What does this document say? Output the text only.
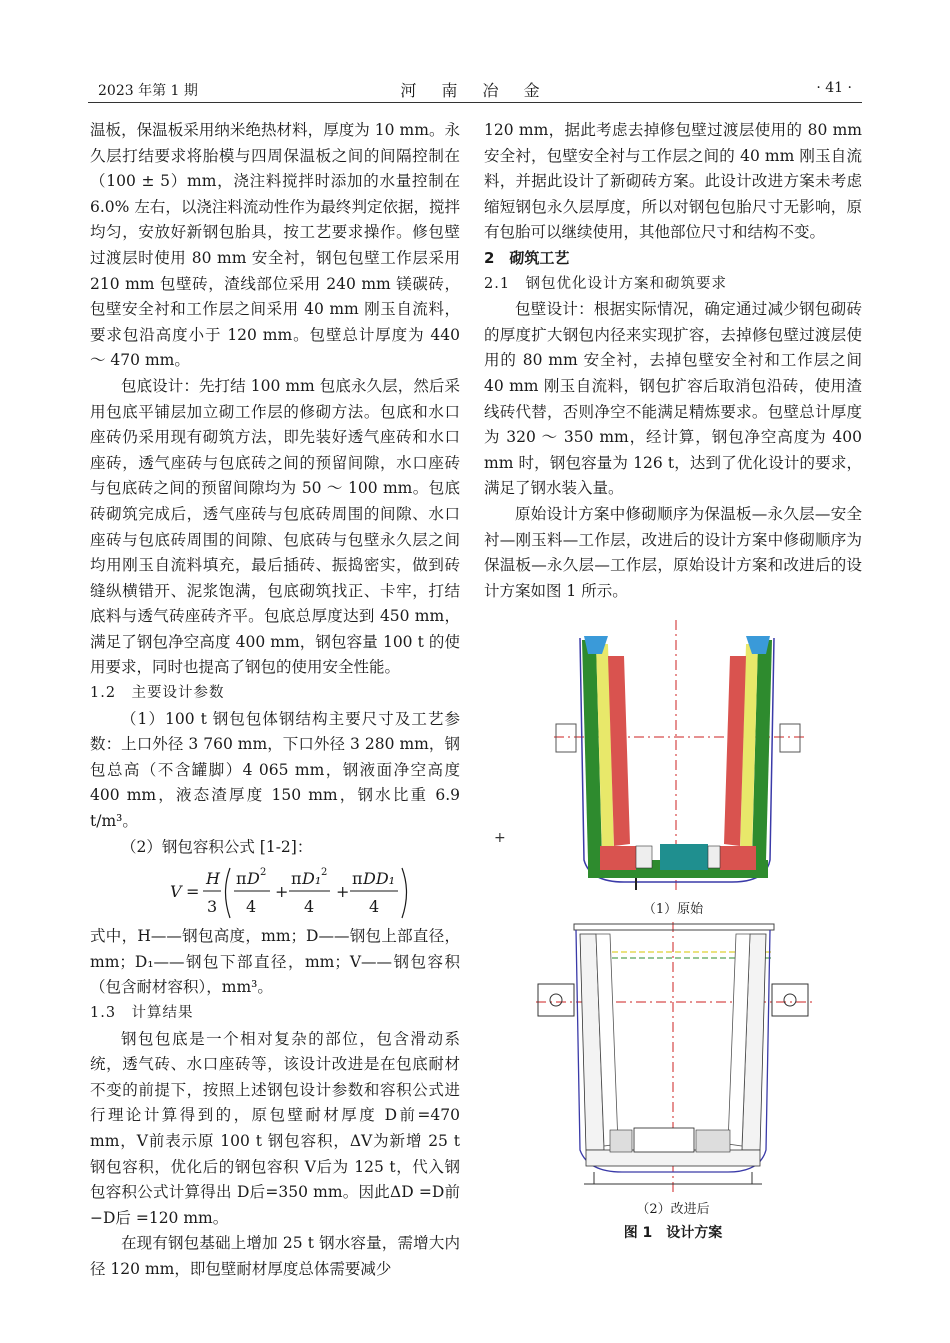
2023 年第 1 期	河 南 冶 金	· 41 ·

温板，保温板采用纳米绝热材料，厚度为 10 mm。永久层打结要求将胎模与四周保温板之间的间隔控制在（100 ± 5）mm，浇注料搅拌时添加的水量控制在 6.0% 左右，以浇注料流动性作为最终判定依据，搅拌均匀，安放好新钢包胎具，按工艺要求操作。修包壁过渡层时使用 80 mm 安全衬，钢包包壁工作层采用 210 mm 包壁砖，渣线部位采用 240 mm 镁碳砖，包壁安全衬和工作层之间采用 40 mm 刚玉自流料，要求包沿高度小于 120 mm。包壁总计厚度为 440 ～ 470 mm。

包底设计：先打结 100 mm 包底永久层，然后采用包底平铺层加立砌工作层的修砌方法。包底和水口座砖仍采用现有砌筑方法，即先装好透气座砖和水口座砖，透气座砖与包底砖之间的预留间隙，水口座砖与包底砖之间的预留间隙均为 50 ～ 100 mm。包底砖砌筑完成后，透气座砖与包底砖周围的间隙、水口座砖与包底砖周围的间隙、包底砖与包壁永久层之间均用刚玉自流料填充，最后插砖、振捣密实，做到砖缝纵横错开、泥浆饱满，包底砌筑找正、卡牢，打结底料与透气砖座砖齐平。包底总厚度达到 450 mm，满足了钢包净空高度 400 mm，钢包容量 100 t 的使用要求，同时也提高了钢包的使用安全性能。

1.2　主要设计参数

（1）100 t 钢包包体钢结构主要尺寸及工艺参数：上口外径 3 760 mm，下口外径 3 280 mm，钢包总高（不含罐脚）4 065 mm，钢液面净空高度 400 mm，液态渣厚度 150 mm，钢水比重 6.9 t/m³。

（2）钢包容积公式 [1-2]：

V =
H
3
π D 2
4
+
π D₁ 2
4
+
π DD₁
4

式中，H——钢包高度，mm；D——钢包上部直径，mm；D₁——钢包下部直径，mm；V——钢包容积（包含耐材容积），mm³。

1.3　计算结果

钢包包底是一个相对复杂的部位，包含滑动系统，透气砖、水口座砖等，该设计改进是在包底耐材不变的前提下，按照上述钢包设计参数和容积公式进行理论计算得到的，原包壁耐材厚度 D前=470 mm，V前表示原 100 t 钢包容积，ΔV为新增 25 t 钢包容积，优化后的钢包容积 V后为 125 t，代入钢包容积公式计算得出 D后=350 mm。因此ΔD =D前 −D后 =120 mm。

在现有钢包基础上增加 25 t 钢水容量，需增大内径 120 mm，即包壁耐材厚度总体需要减少

120 mm，据此考虑去掉修包壁过渡层使用的 80 mm 安全衬，包壁安全衬与工作层之间的 40 mm 刚玉自流料，并据此设计了新砌砖方案。此设计改进方案未考虑缩短钢包永久层厚度，所以对钢包包胎尺寸无影响，原有包胎可以继续使用，其他部位尺寸和结构不变。

2　砌筑工艺

2.1　钢包优化设计方案和砌筑要求

包壁设计：根据实际情况，确定通过减少钢包砌砖的厚度扩大钢包内径来实现扩容，去掉修包壁过渡层使用的 80 mm 安全衬，去掉包壁安全衬和工作层之间 40 mm 刚玉自流料，钢包扩容后取消包沿砖，使用渣线砖代替，否则净空不能满足精炼要求。包壁总计厚度为 320 ～ 350 mm，经计算，钢包净空高度为 400 mm 时，钢包容量为 126 t，达到了优化设计的要求，满足了钢水装入量。

原始设计方案中修砌顺序为保温板—永久层—安全衬—刚玉料—工作层，改进后的设计方案中修砌顺序为保温板—永久层—工作层，原始设计方案和改进后的设计方案如图 1 所示。

+
（1）原始
（2）改进后
图 1　设计方案
